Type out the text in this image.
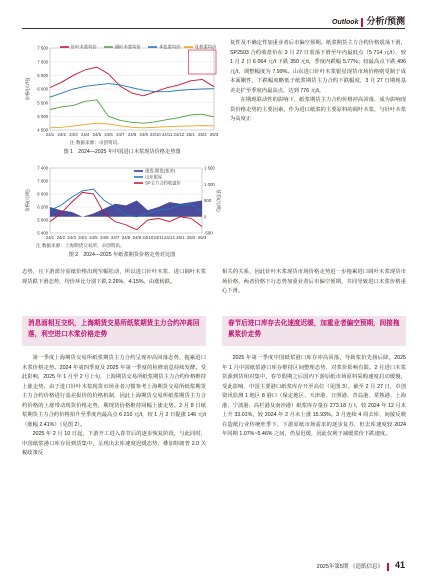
Outlook 分析/预测
4 500
5 000
5 500
6 000
6 500
7 000
7 500
24/1 24/2 24/3 24/4 24/5 24/6 24/7 24/8 24/9 24/10 24/11 24/12 25/1 25/2 25/3
价格/(元/吨)
针叶木浆均价	阔叶木浆均价	本色浆均价	化机浆均价
注 数据来源：卓创资讯。
图 1　2024—2025 年中国进口木浆现货价格走势图
5 400
5 800
6 200
6 600
7 000
7 400
-500
0
500
1 000
1 500
24/1 24/2 24/3 24/4 24/5 24/6 24/7 24/8 24/9 24/10 24/11 24/12 25/1 25/2 25/3
价格/(元/吨)	基差/(元/吨)
现货-期货(基差)
山东银星
SP主力合约收盘价
注 数据来源：上海期货交易所、卓创资讯。
图 2　2024—2025 年纸浆期货价格走势对比图

复性及不确定性加重业者后市偏空预期。纸浆期货主力合约价格震荡下滑，SP2503 合约收盘价在 3 月 27 日震荡下滑至年内最低点（5 714 元/t），较 1 月 2 日 6 064 元/t 下跌 350 元/t，季度内跌幅 5.77%；较最高点下跌 496 元/t，调整幅度为 7.99%。山东进口针叶木浆银星现货市场价格则受制于成本面剛性，下跌幅度略低于纸浆期货主力合约下跌幅度，3 月 27 日期现基差走扩至季度内最高点，达到 776 元/t。

在期现联动性的影响下，纸浆期货主力合约价格冲高回落，成为影响现货价格走势的主要因素。作为进口纸浆的主要原料的阔叶木浆，与针叶木浆为高度正

态势，且下游部分原纸价格出现窄幅松动，所以进口针叶木浆、进口阔叶木浆现货跌下滑态势，均价环比分别下跌 2.26%、4.15%，由涨转跌。
相关的关系，因此针叶木浆现货市场价格走势进一步拖累进口阔叶木浆现货市场价格，两者价格下行态势加重业者后市偏空预期，共同导致进口木浆价格重心下滑。
消息面相互交织，上海期货交易所纸浆期货主力合约冲高回落，利空进口木浆价格走势
春节后进口库存去化速度迟缓，加重业者偏空预期，间接拖累浆价走势

第一季度上海期货交易所纸浆期货主力合约呈现冲高回落态势，拖累进口木浆价格走势。2024 年第四季度及 2025 年第一季度的检修消息持续发酵。受此影响，2025 年 1 月至 2 月上旬，上海期货交易所纸浆期货主力合约价格维持上涨走势。由于进口针叶木浆现货市场业者习惯参考上海期货交易所纸浆期货主力合约价格进行基差报价的价格机制，因此上海期货交易所纸浆期货主力合约价格的上涨带动现货价格走势，期现货价格维持同幅上涨走势。2 月 8 日纸浆期货主力合约价格拍升至季度内最高点 6 210 元/t，较 1 月 2 日提涨 146 元/t（涨幅 2.41%）（见图 2）。

2025 年 2 月 10 日起，下游开工进入春节后的逐步恢复阶段，与此同时，中国纸浆港口库存因到货集中，呈现出去库速度迟缓态势，叠加特朗普 2.0 关税政策反

2025 年第一季度中国纸浆港口库存冲高回落，导致浆价先扬后降。2025 年 1 月中国纸浆港口库存维持区间整理态势，对浆价影响有限。2 月进口木浆货源到货相对集中，春节假期之后国内下游原纸市场原料采购速度启动缓慢，受此影响，中国主要港口纸浆库存开至高位（见图 3）。截至 2 月 27 日，卓创资讯监测 1 地区 8 港口（保定地区、天津港、日照港、青岛港、常熟港、上海港、宁波港、高栏港及南沙港）纸浆库存量在 273.18 万 t，较 2024 年 12 月末上升 33.01%，较 2024 年 2 月末上涨 15.93%。3 月连续 4 周去库，间接反映在造纸行业传统旺季下，下游原纸市场需求的逐步复苏，但去库速度较 2024 年同期 1.07%~5.46% 之间，仍显迟缓，因此仅利于减缓浆价下跌速度。

2025年第5期 《造纸信息》 41
